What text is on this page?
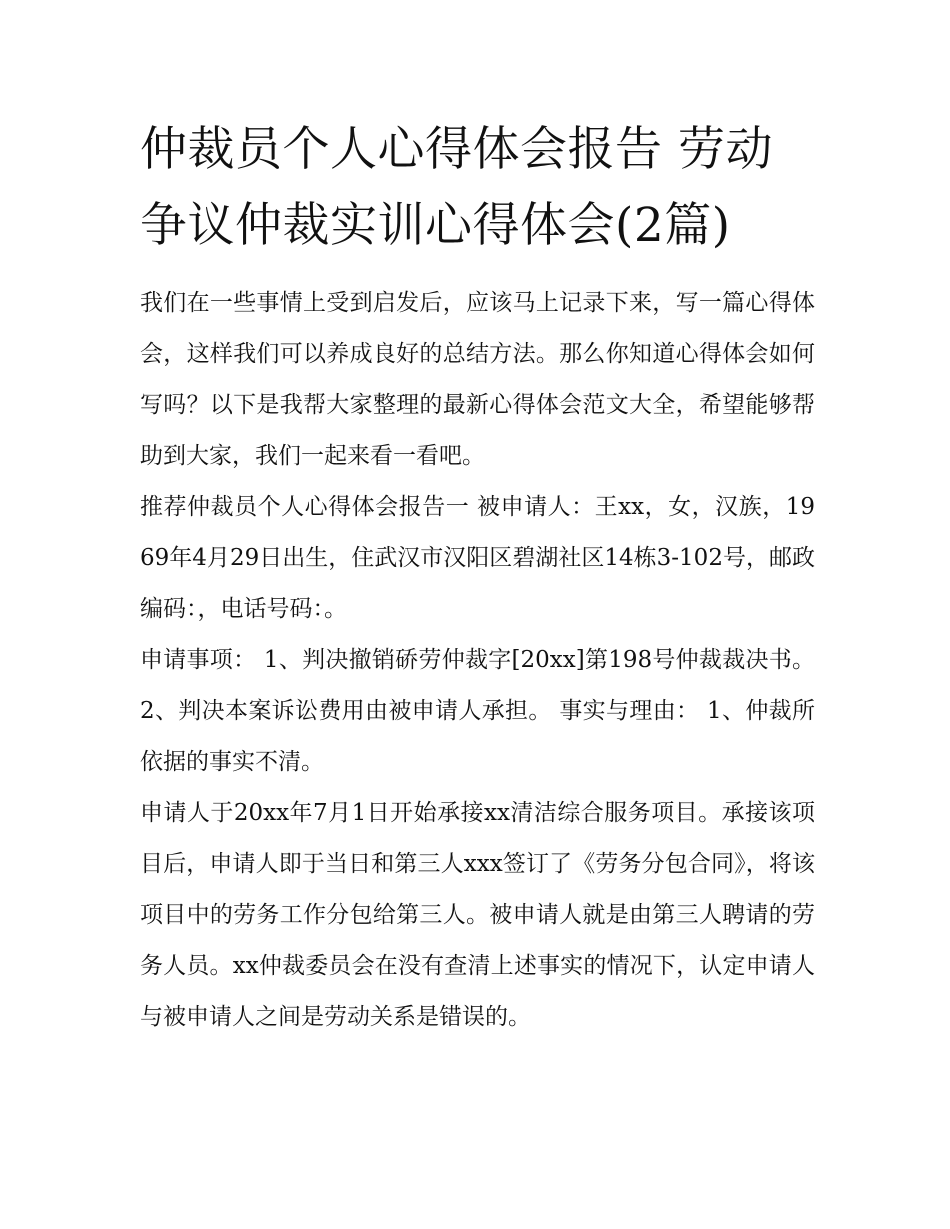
仲裁员个人心得体会报告 劳动争议仲裁实训心得体会(2篇)

我们在一些事情上受到启发后，应该马上记录下来，写一篇心得体会，这样我们可以养成良好的总结方法。那么你知道心得体会如何写吗？以下是我帮大家整理的最新心得体会范文大全，希望能够帮助到大家，我们一起来看一看吧。

推荐仲裁员个人心得体会报告一 被申请人：王xx，女，汉族，1969年4月29日出生，住武汉市汉阳区碧湖社区14栋3-102号，邮政编码：，电话号码：。

申请事项： 1、判决撤销硚劳仲裁字[20xx]第198号仲裁裁决书。 2、判决本案诉讼费用由被申请人承担。 事实与理由： 1、仲裁所依据的事实不清。

申请人于20xx年7月1日开始承接xx清洁综合服务项目。承接该项目后，申请人即于当日和第三人xxx签订了《劳务分包合同》，将该项目中的劳务工作分包给第三人。被申请人就是由第三人聘请的劳务人员。xx仲裁委员会在没有查清上述事实的情况下，认定申请人与被申请人之间是劳动关系是错误的。
